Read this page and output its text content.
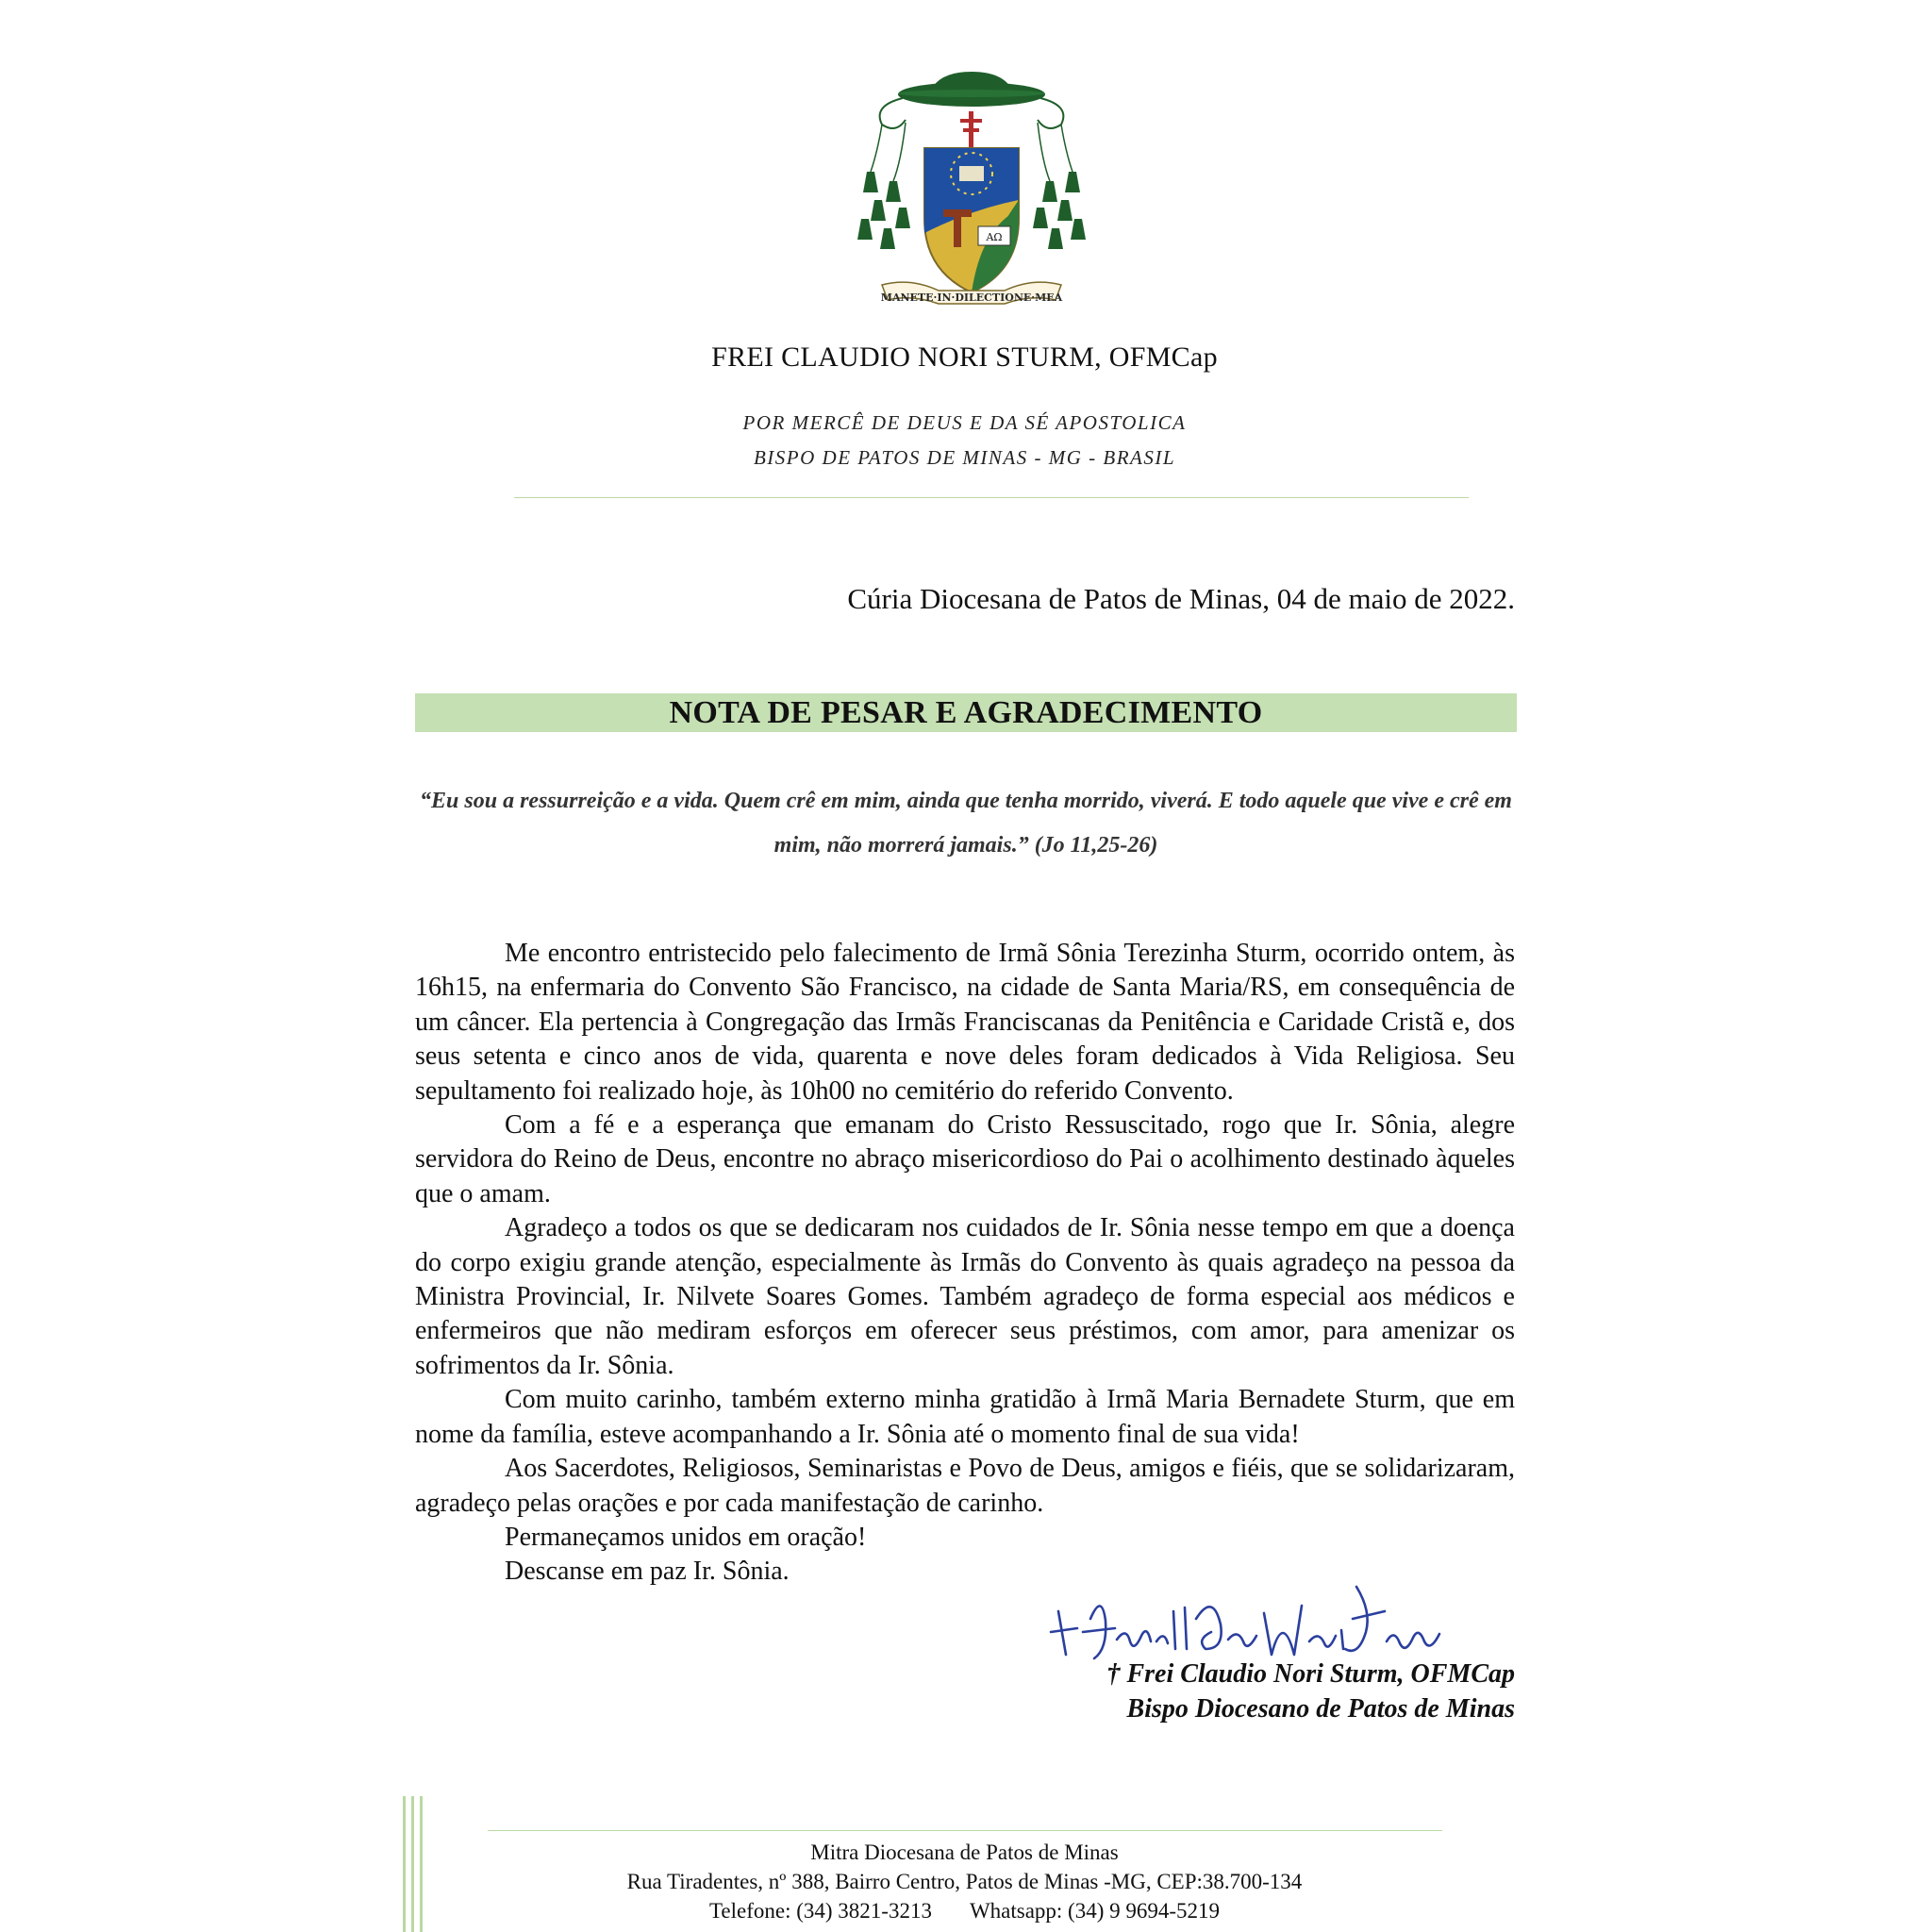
AΩ
MANETE·IN·DILECTIONE·MEA
FREI CLAUDIO NORI STURM, OFMCap
POR MERCÊ DE DEUS E DA SÉ APOSTOLICA
BISPO DE PATOS DE MINAS - MG - BRASIL
Cúria Diocesana de Patos de Minas, 04 de maio de 2022.
NOTA DE PESAR E AGRADECIMENTO
“Eu sou a ressurreição e a vida. Quem crê em mim, ainda que tenha morrido, viverá. E todo aquele que vive e crê em mim, não morrerá jamais.” (Jo 11,25-26)

Me encontro entristecido pelo falecimento de Irmã Sônia Terezinha Sturm, ocorrido ontem, às 16h15, na enfermaria do Convento São Francisco, na cidade de Santa Maria/RS, em consequência de um câncer. Ela pertencia à Congregação das Irmãs Franciscanas da Penitência e Caridade Cristã e, dos seus setenta e cinco anos de vida, quarenta e nove deles foram dedicados à Vida Religiosa. Seu sepultamento foi realizado hoje, às 10h00 no cemitério do referido Convento.

Com a fé e a esperança que emanam do Cristo Ressuscitado, rogo que Ir. Sônia, alegre servidora do Reino de Deus, encontre no abraço misericordioso do Pai o acolhimento destinado àqueles que o amam.

Agradeço a todos os que se dedicaram nos cuidados de Ir. Sônia nesse tempo em que a doença do corpo exigiu grande atenção, especialmente às Irmãs do Convento às quais agradeço na pessoa da Ministra Provincial, Ir. Nilvete Soares Gomes. Também agradeço de forma especial aos médicos e enfermeiros que não mediram esforços em oferecer seus préstimos, com amor, para amenizar os sofrimentos da Ir. Sônia.

Com muito carinho, também externo minha gratidão à Irmã Maria Bernadete Sturm, que em nome da família, esteve acompanhando a Ir. Sônia até o momento final de sua vida!

Aos Sacerdotes, Religiosos, Seminaristas e Povo de Deus, amigos e fiéis, que se solidarizaram, agradeço pelas orações e por cada manifestação de carinho.

Permaneçamos unidos em oração!

Descanse em paz Ir. Sônia.

† Frei Claudio Nori Sturm, OFMCap
Bispo Diocesano de Patos de Minas
Mitra Diocesana de Patos de Minas
Rua Tiradentes, nº 388, Bairro Centro, Patos de Minas -MG, CEP:38.700-134
Telefone: (34) 3821-3213 Whatsapp: (34) 9 9694-5219
